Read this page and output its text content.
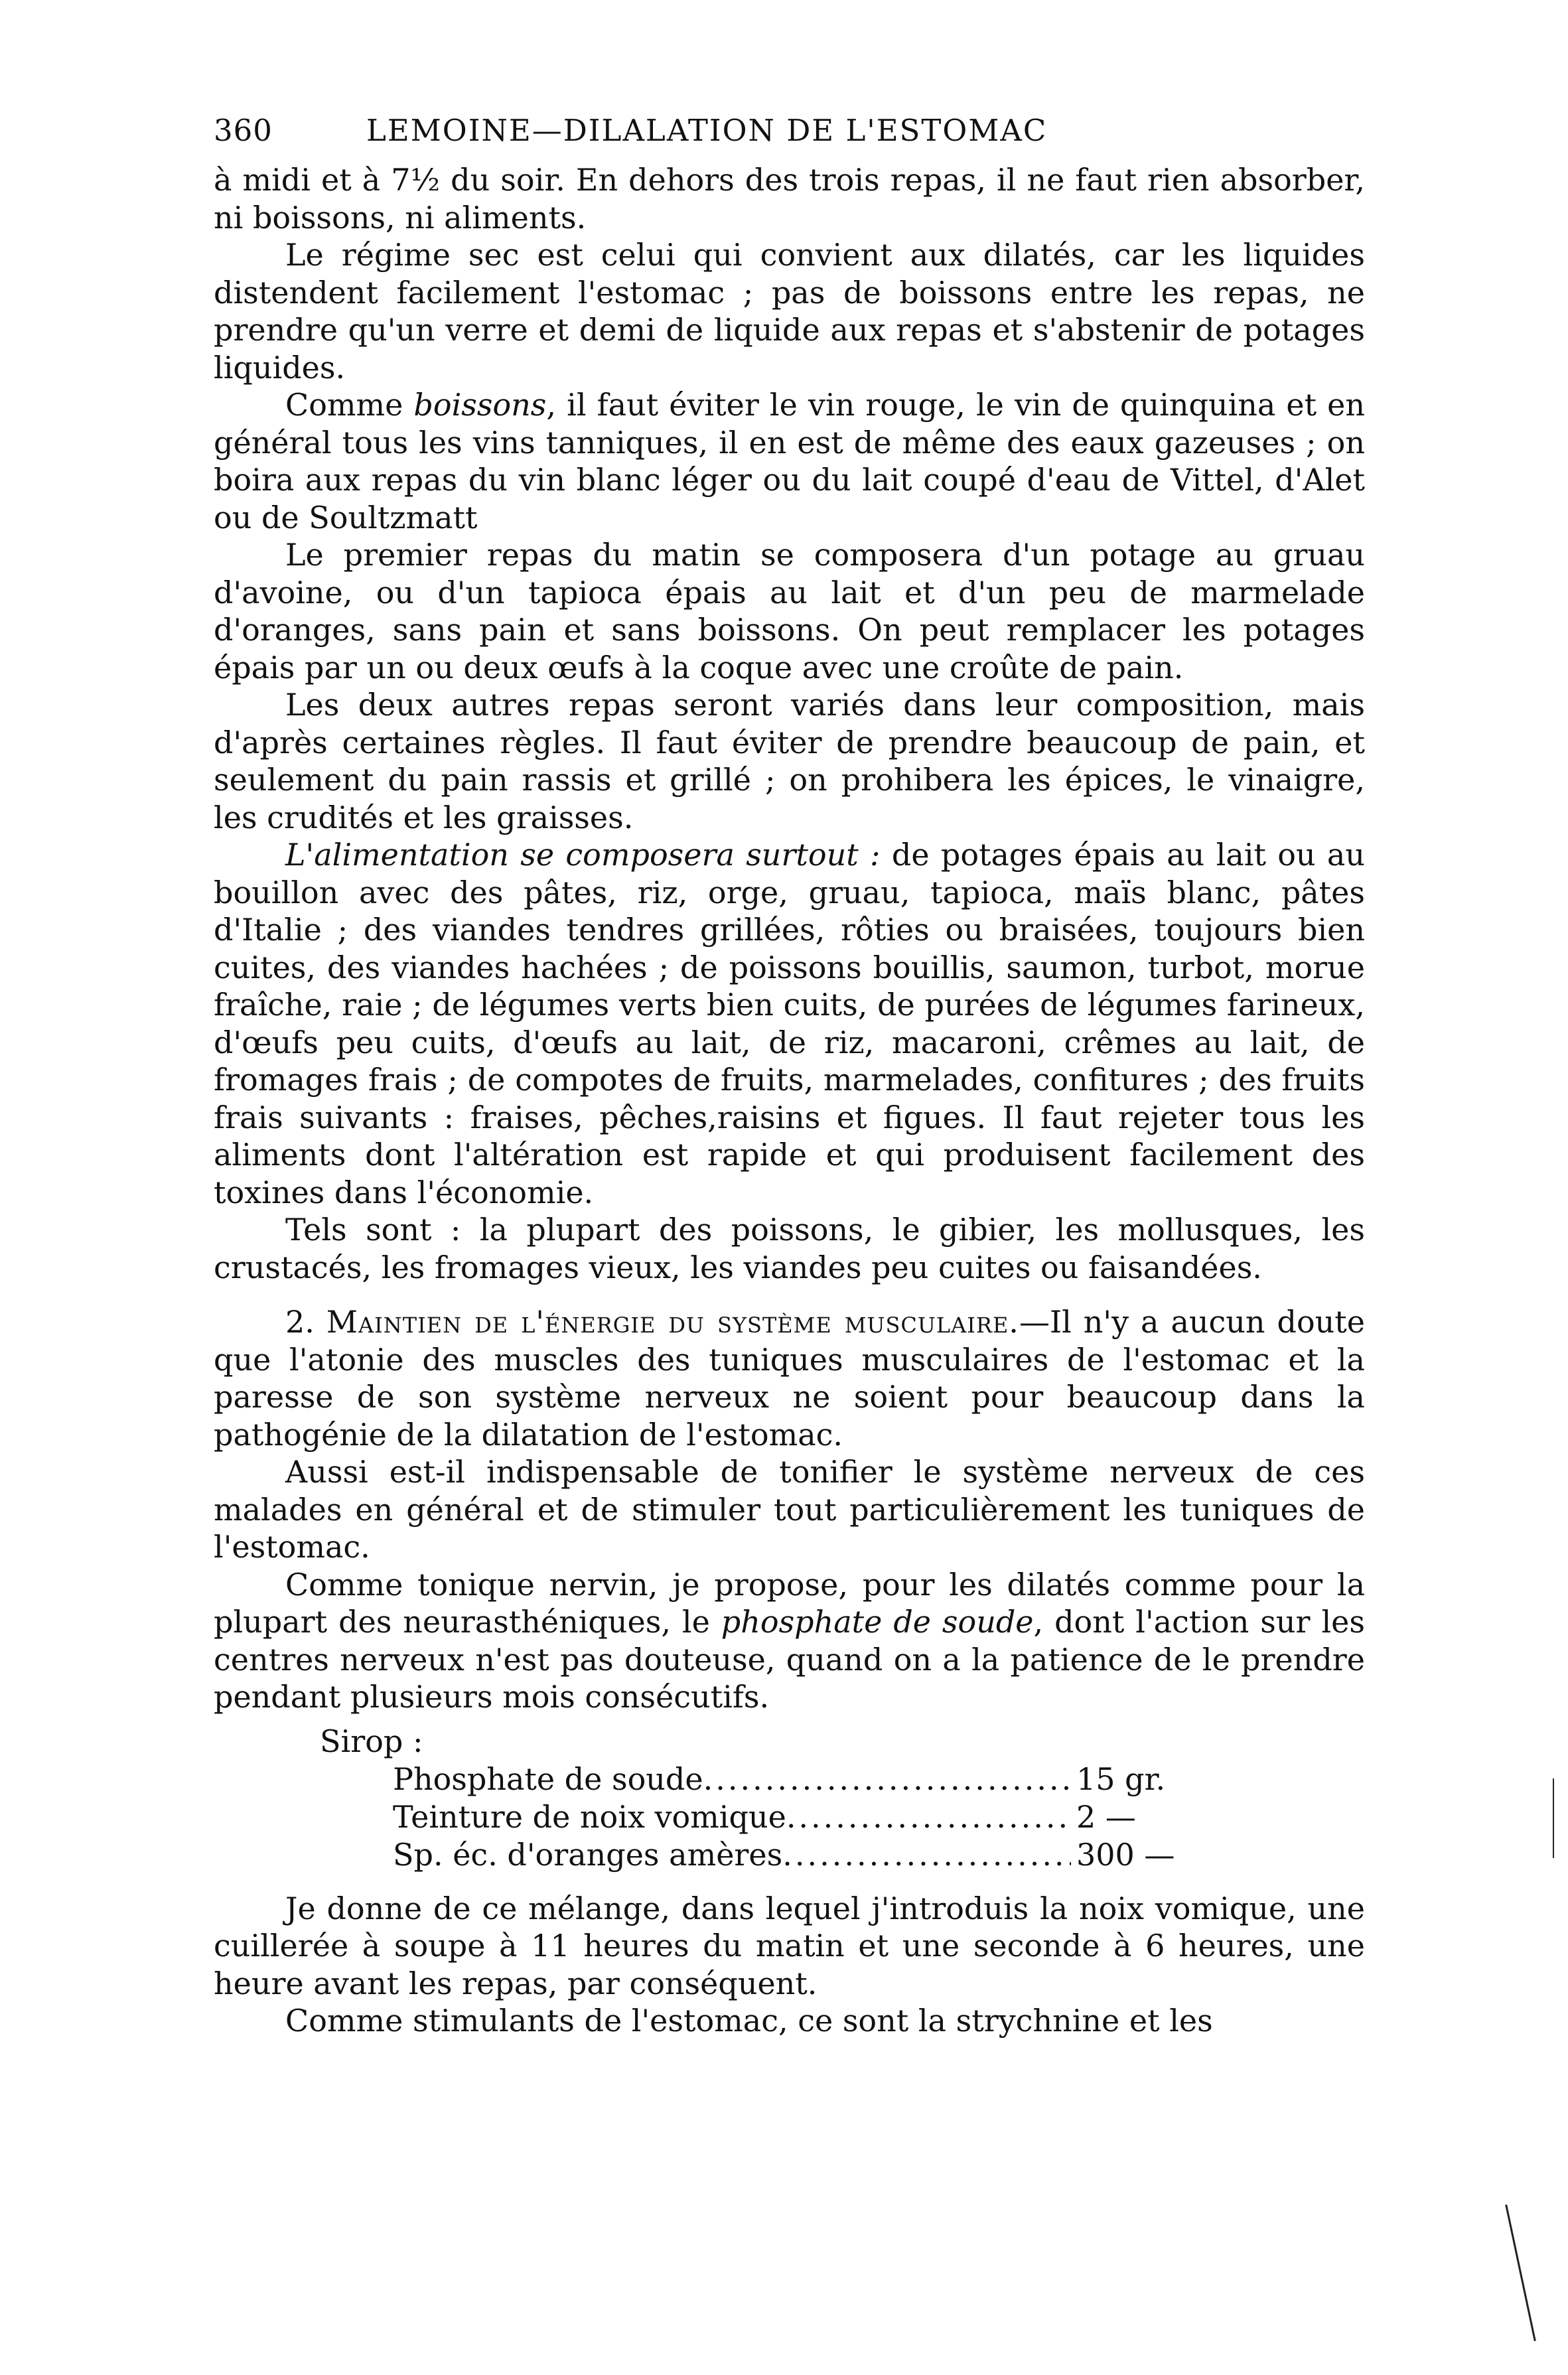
360	LEMOINE—DILALATION DE L'ESTOMAC

à midi et à 7½ du soir. En dehors des trois repas, il ne faut rien absorber, ni boissons, ni aliments.

Le régime sec est celui qui convient aux dilatés, car les liquides distendent facilement l'estomac ; pas de boissons entre les repas, ne prendre qu'un verre et demi de liquide aux repas et s'abstenir de potages liquides.

Comme boissons, il faut éviter le vin rouge, le vin de quinquina et en général tous les vins tanniques, il en est de même des eaux gazeuses ; on boira aux repas du vin blanc léger ou du lait coupé d'eau de Vittel, d'Alet ou de Soultzmatt

Le premier repas du matin se composera d'un potage au gruau d'avoine, ou d'un tapioca épais au lait et d'un peu de marmelade d'oranges, sans pain et sans boissons. On peut remplacer les potages épais par un ou deux œufs à la coque avec une croûte de pain.

Les deux autres repas seront variés dans leur composition, mais d'après certaines règles. Il faut éviter de prendre beaucoup de pain, et seulement du pain rassis et grillé ; on prohibera les épices, le vinaigre, les crudités et les graisses.

L'alimentation se composera surtout : de potages épais au lait ou au bouillon avec des pâtes, riz, orge, gruau, tapioca, maïs blanc, pâtes d'Italie ; des viandes tendres grillées, rôties ou braisées, toujours bien cuites, des viandes hachées ; de poissons bouillis, saumon, turbot, morue fraîche, raie ; de légumes verts bien cuits, de purées de légumes farineux, d'œufs peu cuits, d'œufs au lait, de riz, macaroni, crêmes au lait, de fromages frais ; de compotes de fruits, marmelades, confitures ; des fruits frais suivants : fraises, pêches,raisins et figues. Il faut rejeter tous les aliments dont l'altération est rapide et qui produisent facilement des toxines dans l'économie.

Tels sont : la plupart des poissons, le gibier, les mollusques, les crustacés, les fromages vieux, les viandes peu cuites ou faisandées.

2. Maintien de l'énergie du système musculaire.—Il n'y a aucun doute que l'atonie des muscles des tuniques musculaires de l'estomac et la paresse de son système nerveux ne soient pour beaucoup dans la pathogénie de la dilatation de l'estomac.

Aussi est-il indispensable de tonifier le système nerveux de ces malades en général et de stimuler tout particulièrement les tuniques de l'estomac.

Comme tonique nervin, je propose, pour les dilatés comme pour la plupart des neurasthéniques, le phosphate de soude, dont l'action sur les centres nerveux n'est pas douteuse, quand on a la patience de le prendre pendant plusieurs mois consécutifs.

Sirop :
Phosphate de soude .....	15 gr.
Teinture de noix vomique .....	2 —
Sp. éc. d'oranges amères .....	300 —

Je donne de ce mélange, dans lequel j'introduis la noix vomique, une cuillerée à soupe à 11 heures du matin et une seconde à 6 heures, une heure avant les repas, par conséquent.

Comme stimulants de l'estomac, ce sont la strychnine et les
